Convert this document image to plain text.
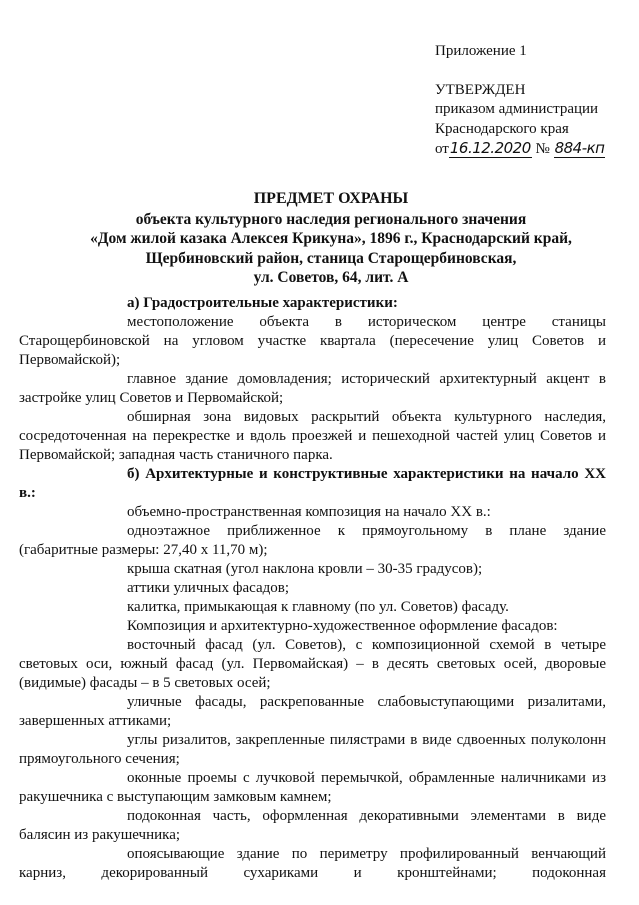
Приложение 1
УТВЕРЖДЕН
приказом администрации
Краснодарского края
от16.12.2020 № 884-кп
ПРЕДМЕТ ОХРАНЫ
объекта культурного наследия регионального значения
«Дом жилой казака Алексея Крикуна», 1896 г., Краснодарский край,
Щербиновский район, станица Старощербиновская,
ул. Советов, 64, лит. А

а) Градостроительные характеристики:

местоположение объекта в историческом центре станицы Старощербиновской на угловом участке квартала (пересечение улиц Советов и Первомайской);

главное здание домовладения; исторический архитектурный акцент в застройке улиц Советов и Первомайской;

обширная зона видовых раскрытий объекта культурного наследия, сосредоточенная на перекрестке и вдоль проезжей и пешеходной частей улиц Советов и Первомайской; западная часть станичного парка.

б) Архитектурные и конструктивные характеристики на начало XX в.:

объемно-пространственная композиция на начало XX в.:

одноэтажное приближенное к прямоугольному в плане здание (габаритные размеры: 27,40 х 11,70 м);

крыша скатная (угол наклона кровли – 30-35 градусов);

аттики уличных фасадов;

калитка, примыкающая к главному (по ул. Советов) фасаду.

Композиция и архитектурно-художественное оформление фасадов:

восточный фасад (ул. Советов), с композиционной схемой в четыре световых оси, южный фасад (ул. Первомайская) – в десять световых осей, дворовые (видимые) фасады – в 5 световых осей;

уличные фасады, раскрепованные слабовыступающими ризалитами, завершенных аттиками;

углы ризалитов, закрепленные пилястрами в виде сдвоенных полуколонн прямоугольного сечения;

оконные проемы с лучковой перемычкой, обрамленные наличниками из ракушечника с выступающим замковым камнем;

подоконная часть, оформленная декоративными элементами в виде балясин из ракушечника;

опоясывающие здание по периметру профилированный венчающий карниз, декорированный сухариками и кронштейнами; подоконная
